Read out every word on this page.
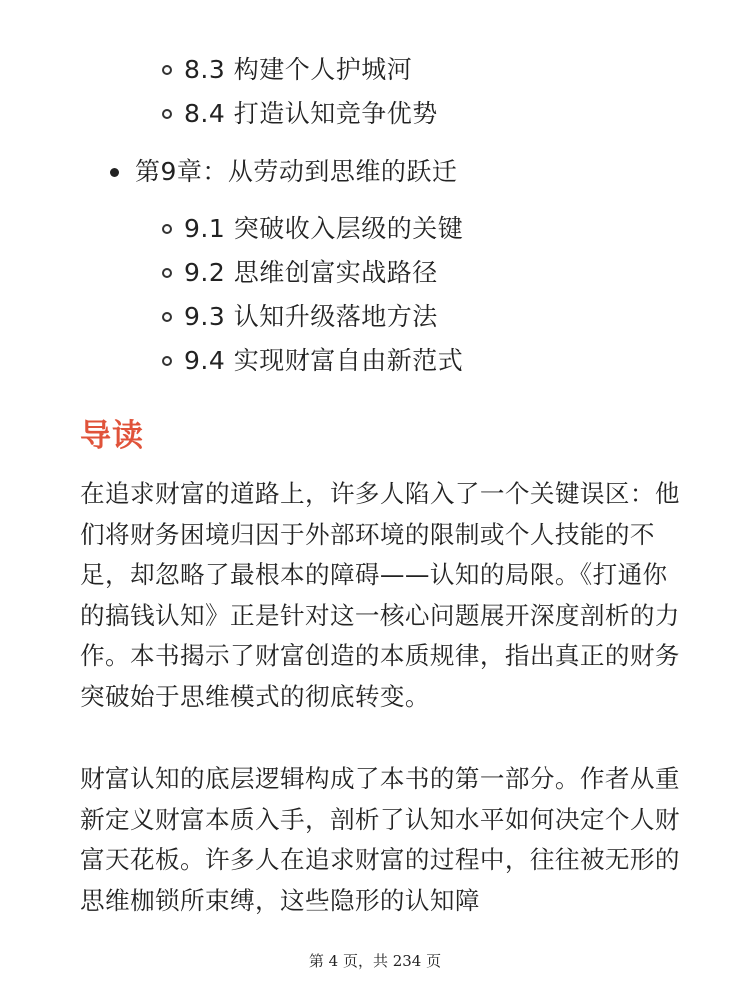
8.3 构建个人护城河
8.4 打造认知竞争优势
第9章：从劳动到思维的跃迁
9.1 突破收入层级的关键
9.2 思维创富实战路径
9.3 认知升级落地方法
9.4 实现财富自由新范式
导读

在追求财富的道路上，许多人陷入了一个关键误区：他们将财务困境归因于外部环境的限制或个人技能的不足，却忽略了最根本的障碍——认知的局限。《打通你的搞钱认知》正是针对这一核心问题展开深度剖析的力作。本书揭示了财富创造的本质规律，指出真正的财务突破始于思维模式的彻底转变。

财富认知的底层逻辑构成了本书的第一部分。作者从重新定义财富本质入手，剖析了认知水平如何决定个人财富天花板。许多人在追求财富的过程中，往往被无形的思维枷锁所束缚，这些隐形的认知障

第 4 页，共 234 页
